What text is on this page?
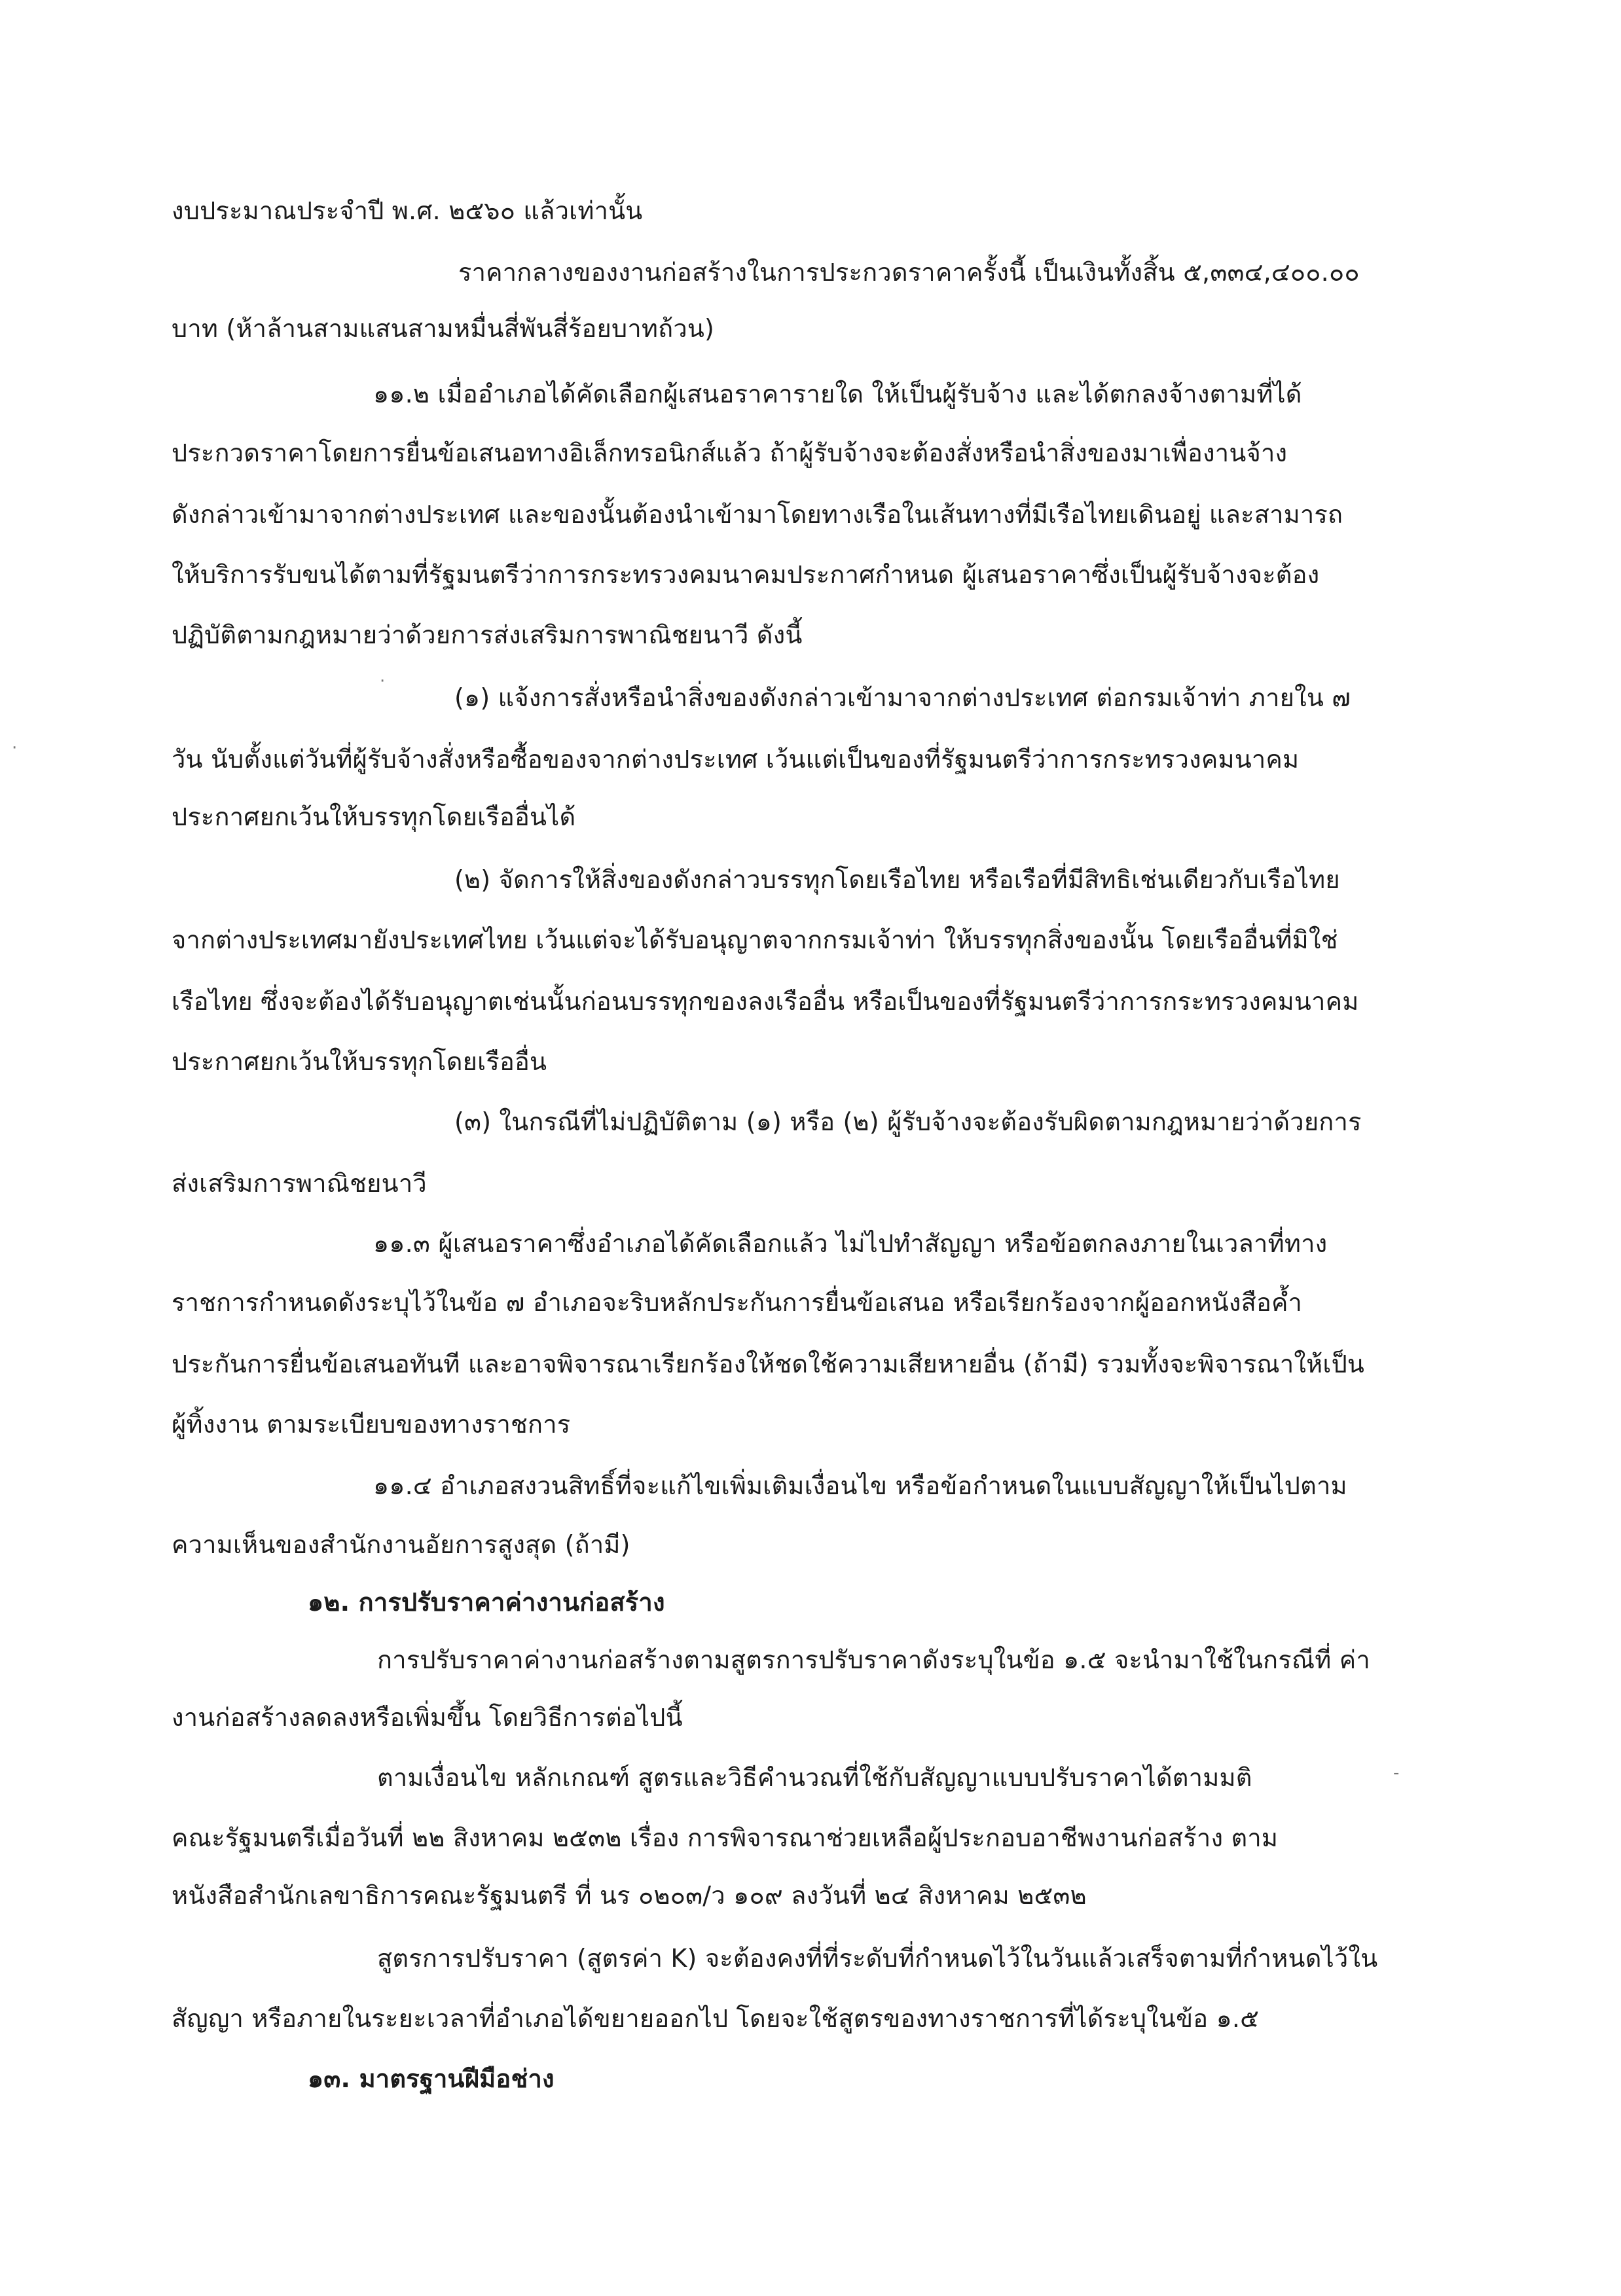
งบประมาณประจำปี พ.ศ. ๒๕๖๐ แล้วเท่านั้น
ราคากลางของงานก่อสร้างในการประกวดราคาครั้งนี้ เป็นเงินทั้งสิ้น ๕,๓๓๔,๔๐๐.๐๐
บาท (ห้าล้านสามแสนสามหมื่นสี่พันสี่ร้อยบาทถ้วน)
๑๑.๒ เมื่ออำเภอได้คัดเลือกผู้เสนอราคารายใด ให้เป็นผู้รับจ้าง และได้ตกลงจ้างตามที่ได้
ประกวดราคาโดยการยื่นข้อเสนอทางอิเล็กทรอนิกส์แล้ว ถ้าผู้รับจ้างจะต้องสั่งหรือนำสิ่งของมาเพื่องานจ้าง
ดังกล่าวเข้ามาจากต่างประเทศ และของนั้นต้องนำเข้ามาโดยทางเรือในเส้นทางที่มีเรือไทยเดินอยู่ และสามารถ
ให้บริการรับขนได้ตามที่รัฐมนตรีว่าการกระทรวงคมนาคมประกาศกำหนด ผู้เสนอราคาซึ่งเป็นผู้รับจ้างจะต้อง
ปฏิบัติตามกฎหมายว่าด้วยการส่งเสริมการพาณิชยนาวี ดังนี้
(๑) แจ้งการสั่งหรือนำสิ่งของดังกล่าวเข้ามาจากต่างประเทศ ต่อกรมเจ้าท่า ภายใน ๗
วัน นับตั้งแต่วันที่ผู้รับจ้างสั่งหรือซื้อของจากต่างประเทศ เว้นแต่เป็นของที่รัฐมนตรีว่าการกระทรวงคมนาคม
ประกาศยกเว้นให้บรรทุกโดยเรืออื่นได้
(๒) จัดการให้สิ่งของดังกล่าวบรรทุกโดยเรือไทย หรือเรือที่มีสิทธิเช่นเดียวกับเรือไทย
จากต่างประเทศมายังประเทศไทย เว้นแต่จะได้รับอนุญาตจากกรมเจ้าท่า ให้บรรทุกสิ่งของนั้น โดยเรืออื่นที่มิใช่
เรือไทย ซึ่งจะต้องได้รับอนุญาตเช่นนั้นก่อนบรรทุกของลงเรืออื่น หรือเป็นของที่รัฐมนตรีว่าการกระทรวงคมนาคม
ประกาศยกเว้นให้บรรทุกโดยเรืออื่น
(๓) ในกรณีที่ไม่ปฏิบัติตาม (๑) หรือ (๒) ผู้รับจ้างจะต้องรับผิดตามกฎหมายว่าด้วยการ
ส่งเสริมการพาณิชยนาวี
๑๑.๓ ผู้เสนอราคาซึ่งอำเภอได้คัดเลือกแล้ว ไม่ไปทำสัญญา หรือข้อตกลงภายในเวลาที่ทาง
ราชการกำหนดดังระบุไว้ในข้อ ๗ อำเภอจะริบหลักประกันการยื่นข้อเสนอ หรือเรียกร้องจากผู้ออกหนังสือค้ำ
ประกันการยื่นข้อเสนอทันที และอาจพิจารณาเรียกร้องให้ชดใช้ความเสียหายอื่น (ถ้ามี) รวมทั้งจะพิจารณาให้เป็น
ผู้ทิ้งงาน ตามระเบียบของทางราชการ
๑๑.๔ อำเภอสงวนสิทธิ์ที่จะแก้ไขเพิ่มเติมเงื่อนไข หรือข้อกำหนดในแบบสัญญาให้เป็นไปตาม
ความเห็นของสำนักงานอัยการสูงสุด (ถ้ามี)
๑๒. การปรับราคาค่างานก่อสร้าง
การปรับราคาค่างานก่อสร้างตามสูตรการปรับราคาดังระบุในข้อ ๑.๕ จะนำมาใช้ในกรณีที่ ค่า
งานก่อสร้างลดลงหรือเพิ่มขึ้น โดยวิธีการต่อไปนี้
ตามเงื่อนไข หลักเกณฑ์ สูตรและวิธีคำนวณที่ใช้กับสัญญาแบบปรับราคาได้ตามมติ
คณะรัฐมนตรีเมื่อวันที่ ๒๒ สิงหาคม ๒๕๓๒ เรื่อง การพิจารณาช่วยเหลือผู้ประกอบอาชีพงานก่อสร้าง ตาม
หนังสือสำนักเลขาธิการคณะรัฐมนตรี ที่ นร ๐๒๐๓/ว ๑๐๙ ลงวันที่ ๒๔ สิงหาคม ๒๕๓๒
สูตรการปรับราคา (สูตรค่า K) จะต้องคงที่ที่ระดับที่กำหนดไว้ในวันแล้วเสร็จตามที่กำหนดไว้ใน
สัญญา หรือภายในระยะเวลาที่อำเภอได้ขยายออกไป โดยจะใช้สูตรของทางราชการที่ได้ระบุในข้อ ๑.๕
๑๓. มาตรฐานฝีมือช่าง
·
-
·
